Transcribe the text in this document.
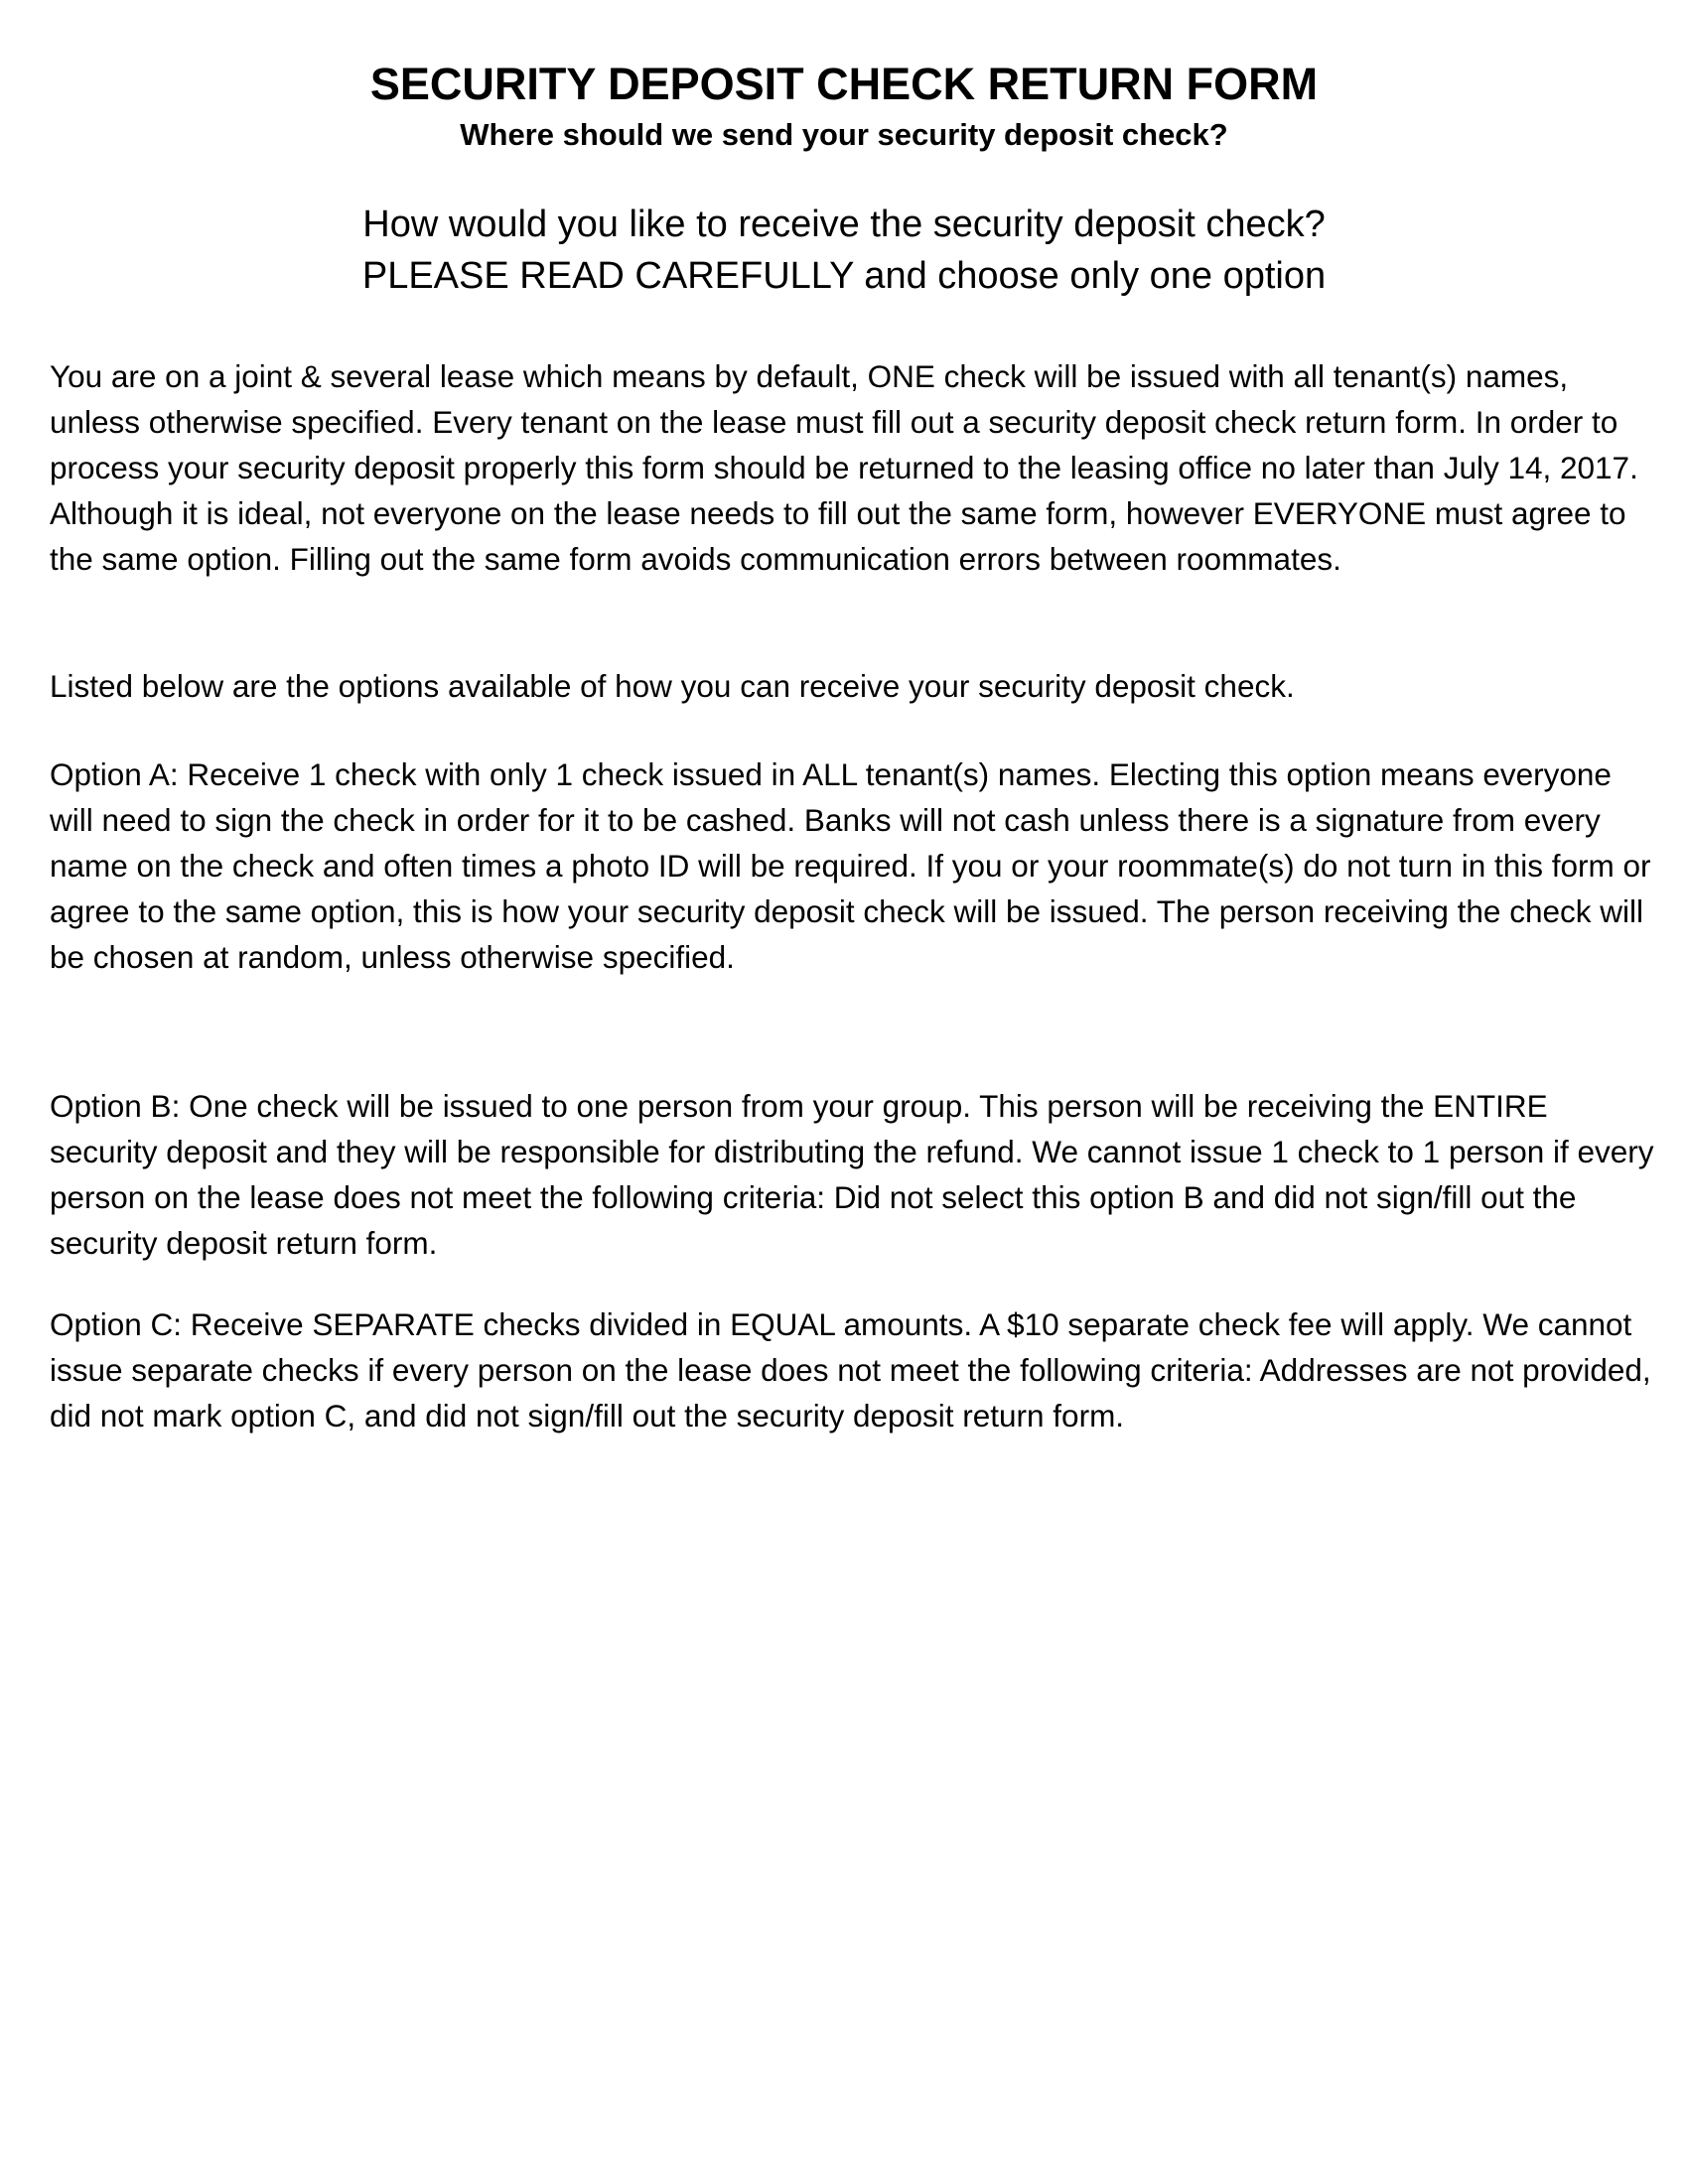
SECURITY DEPOSIT CHECK RETURN FORM
Where should we send your security deposit check?
How would you like to receive the security deposit check?
PLEASE READ CAREFULLY and choose only one option

You are on a joint & several lease which means by default, ONE check will be issued with all tenant(s) names, unless otherwise specified. Every tenant on the lease must fill out a security deposit check return form. In order to process your security deposit properly this form should be returned to the leasing office no later than July 14, 2017. Although it is ideal, not everyone on the lease needs to fill out the same form, however EVERYONE must agree to the same option. Filling out the same form avoids communication errors between roommates.

Listed below are the options available of how you can receive your security deposit check.

Option A: Receive 1 check with only 1 check issued in ALL tenant(s) names. Electing this option means everyone will need to sign the check in order for it to be cashed. Banks will not cash unless there is a signature from every name on the check and often times a photo ID will be required. If you or your roommate(s) do not turn in this form or agree to the same option, this is how your security deposit check will be issued. The person receiving the check will be chosen at random, unless otherwise specified.

Option B: One check will be issued to one person from your group. This person will be receiving the ENTIRE security deposit and they will be responsible for distributing the refund. We cannot issue 1 check to 1 person if every person on the lease does not meet the following criteria: Did not select this option B and did not sign/fill out the security deposit return form.

Option C: Receive SEPARATE checks divided in EQUAL amounts. A $10 separate check fee will apply. We cannot issue separate checks if every person on the lease does not meet the following criteria: Addresses are not provided, did not mark option C, and did not sign/fill out the security deposit return form.
